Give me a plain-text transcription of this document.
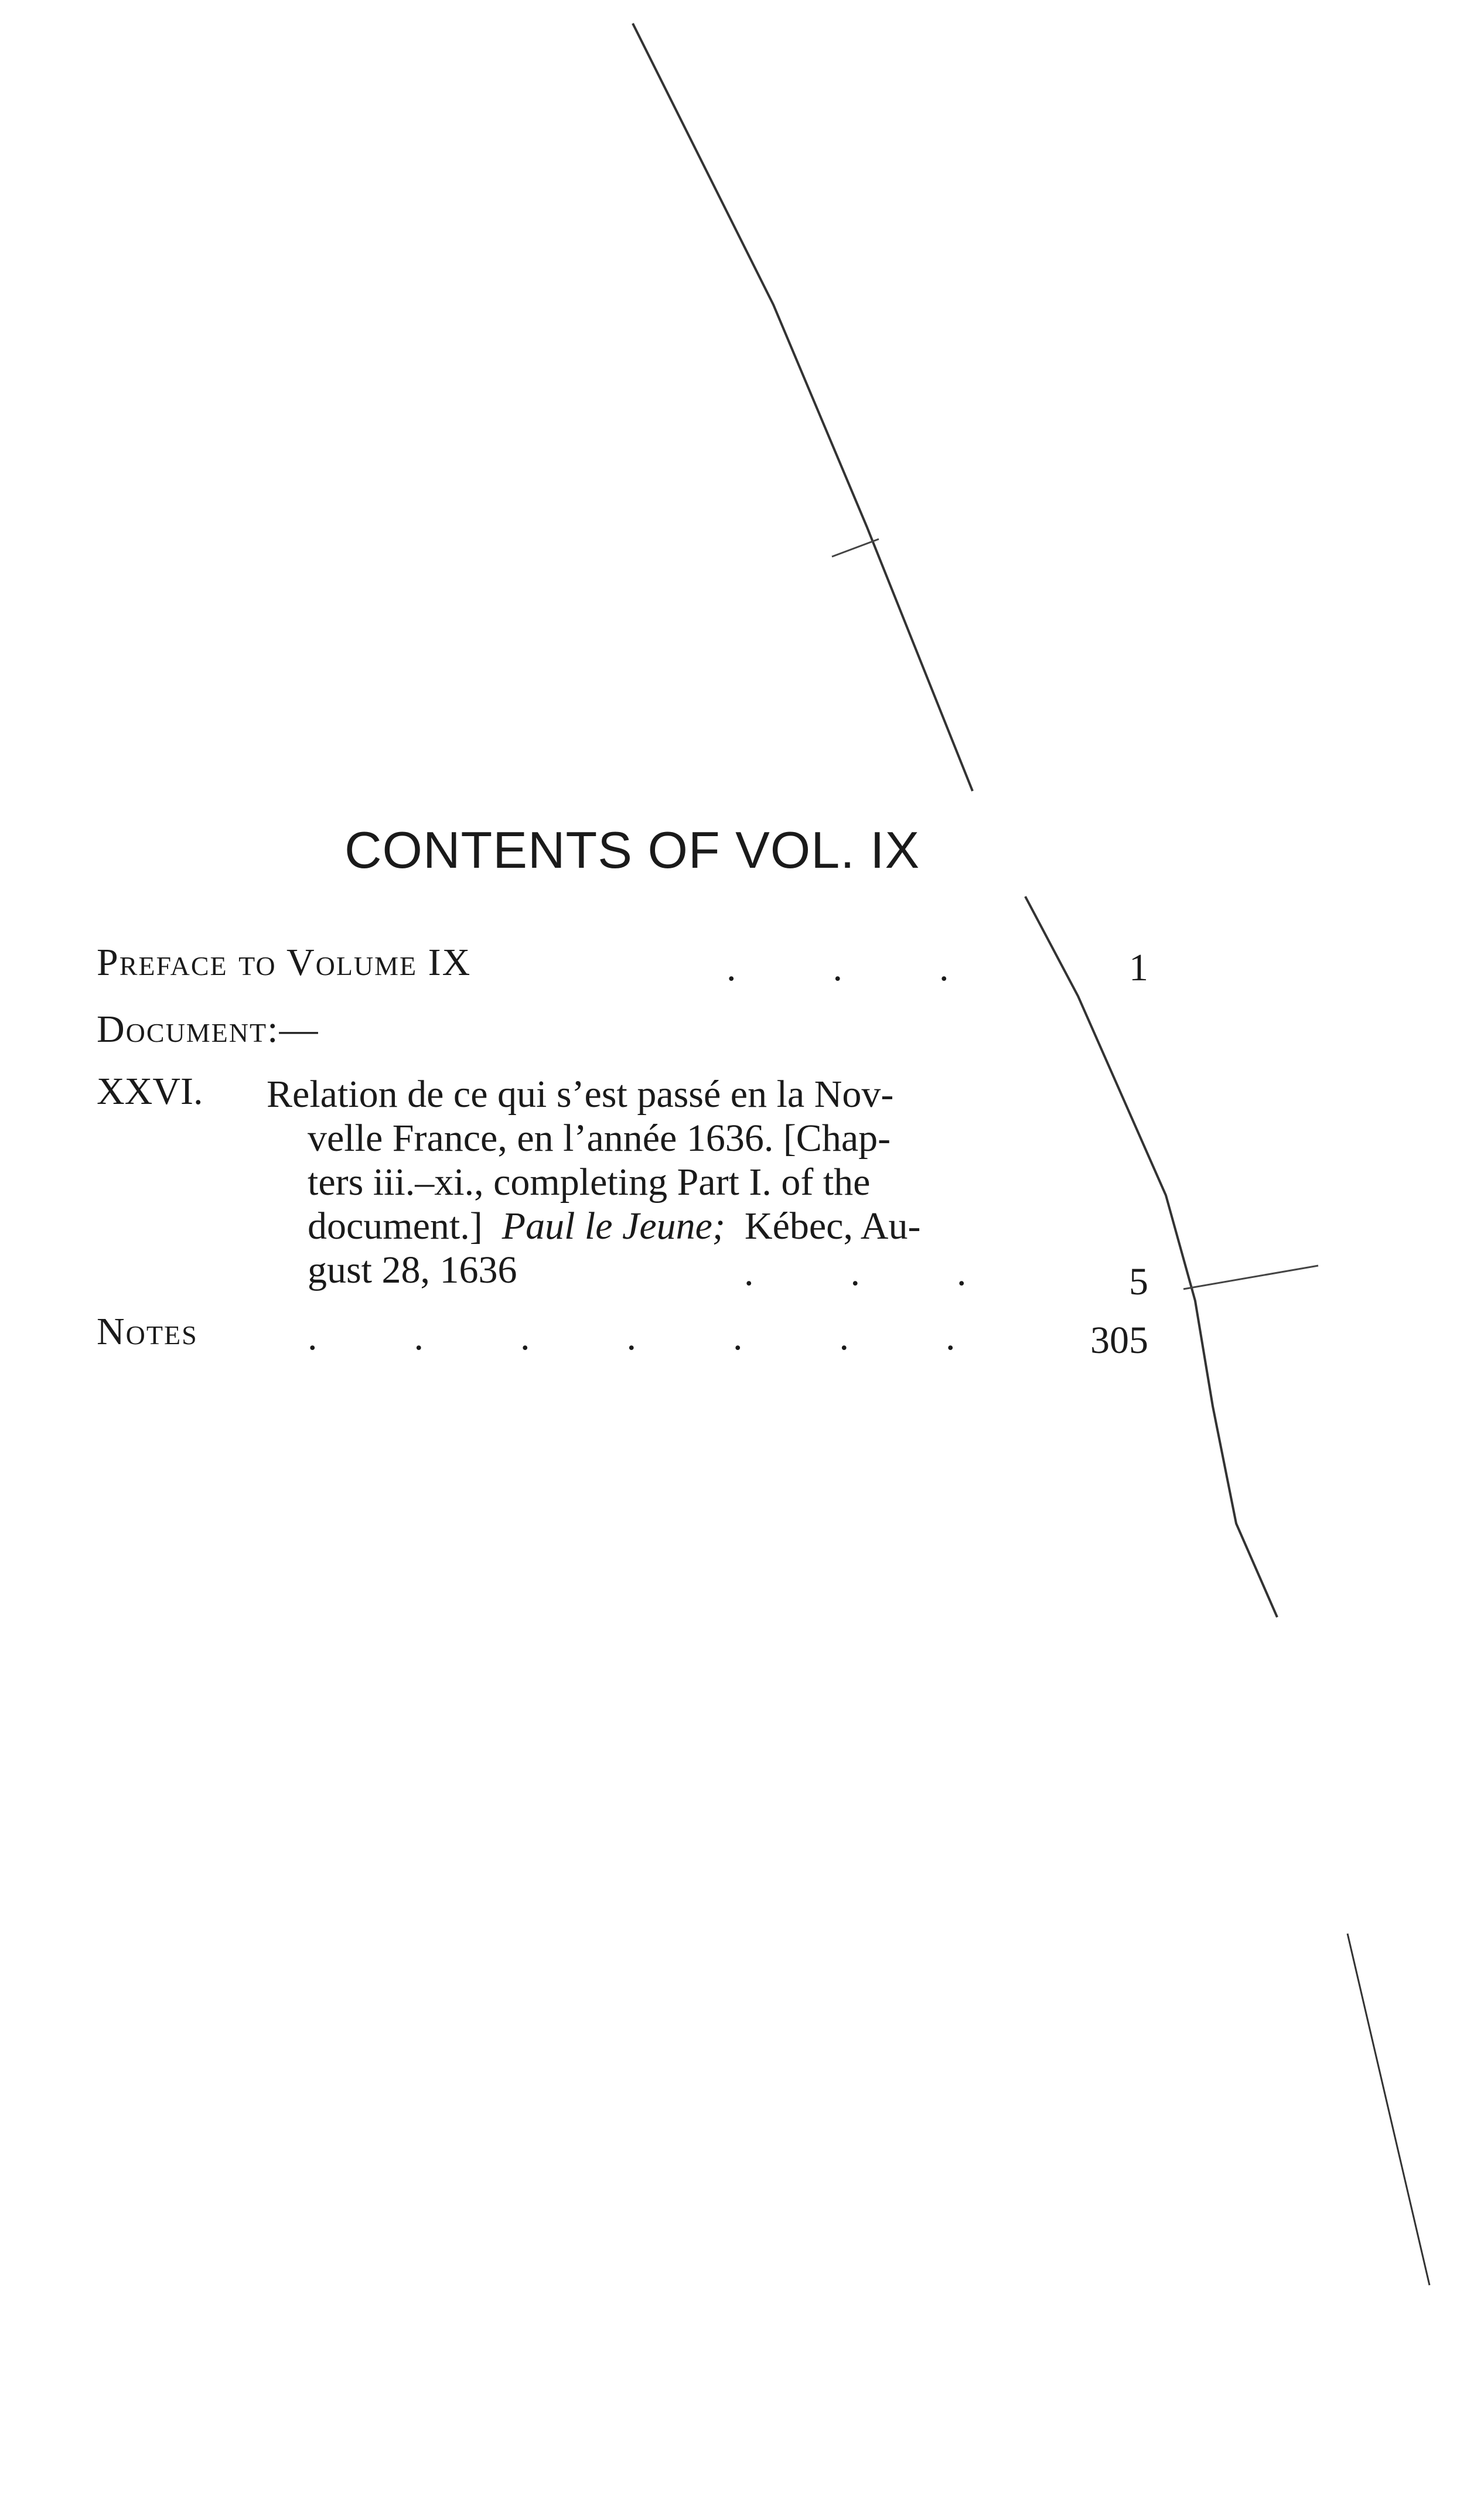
CONTENTS OF VOL. IX
Preface to Volume IX	.          .          .	1
Document:—
XXVI. Relation de ce qui s’est passé en la Nov-
velle France, en l’année 1636. [Chap-
ters iii.–xi., completing Part I. of the
document.] Paul le Jeune; Kébec, Au-
gust 28, 1636	.          .          .	5
Notes	.          .          .          .          .          .          .	305
